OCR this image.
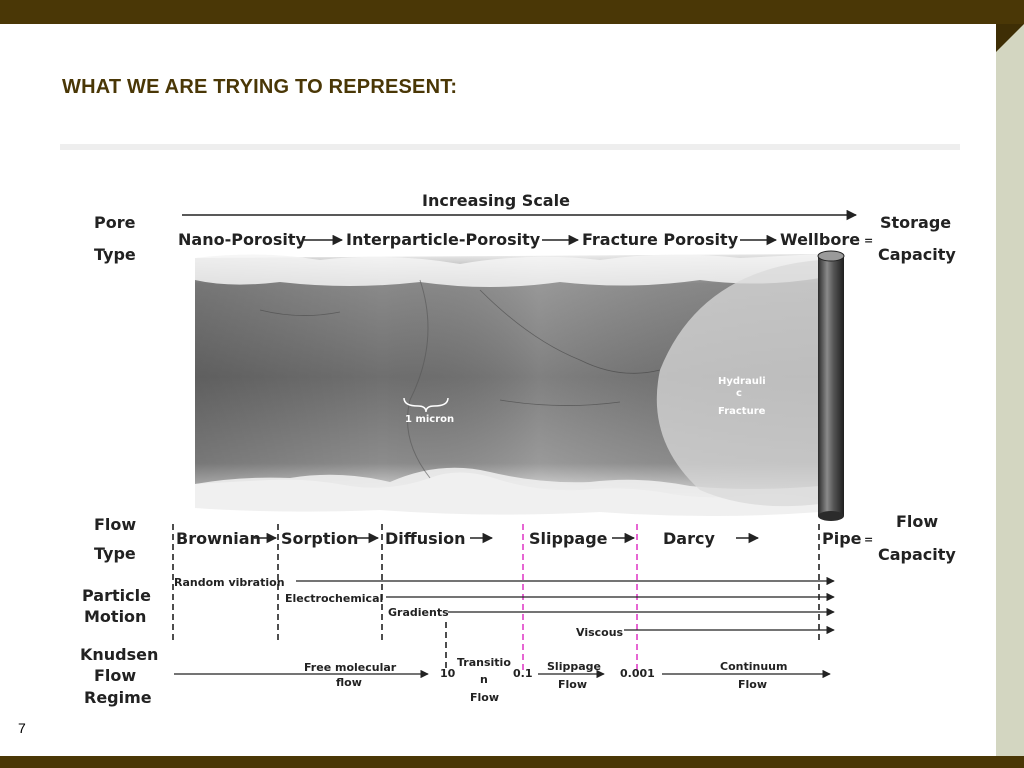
WHAT WE ARE TRYING TO REPRESENT:
Increasing Scale
Pore
Type
Flow
Type
Particle
Motion
Knudsen
Flow
Regime
Nano-Porosity	Interparticle-Porosity	Fracture Porosity	Wellbore =
Storage
Capacity
Hydrauli
c
Fracture
1 micron
Flow
Capacity
=
Brownian Sorption Diffusion	Slippage	Darcy	Pipe
Random vibration
Electrochemical
Gradients
Viscous
Free molecular
flow
10
Transitio
n
Flow
0.1
Slippage
Flow
0.001
Continuum
Flow
7
